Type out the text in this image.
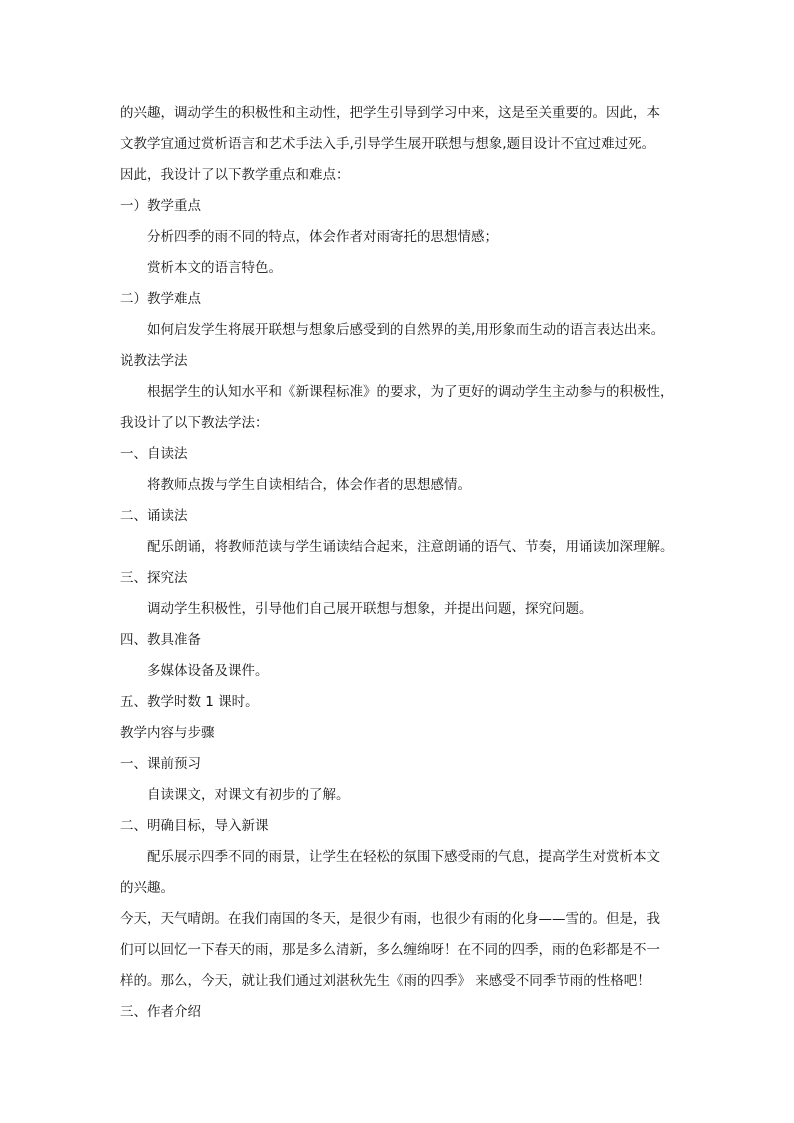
的兴趣，调动学生的积极性和主动性，把学生引导到学习中来，这是至关重要的。因此，本
文教学宜通过赏析语言和艺术手法入手,引导学生展开联想与想象,题目设计不宜过难过死。
因此，我设计了以下教学重点和难点：
一）教学重点
分析四季的雨不同的特点，体会作者对雨寄托的思想情感；
赏析本文的语言特色。
二）教学难点
如何启发学生将展开联想与想象后感受到的自然界的美,用形象而生动的语言表达出来。
说教法学法
根据学生的认知水平和《新课程标准》的要求，为了更好的调动学生主动参与的积极性，
我设计了以下教法学法：
一、自读法
将教师点拨与学生自读相结合，体会作者的思想感情。
二、诵读法
配乐朗诵，将教师范读与学生诵读结合起来，注意朗诵的语气、节奏，用诵读加深理解。
三、探究法
调动学生积极性，引导他们自己展开联想与想象，并提出问题，探究问题。
四、教具准备
多媒体设备及课件。
五、教学时数 1 课时。
教学内容与步骤
一、课前预习
自读课文，对课文有初步的了解。
二、明确目标，导入新课
配乐展示四季不同的雨景，让学生在轻松的氛围下感受雨的气息，提高学生对赏析本文
的兴趣。
今天，天气晴朗。在我们南国的冬天，是很少有雨，也很少有雨的化身——雪的。但是，我
们可以回忆一下春天的雨，那是多么清新，多么缠绵呀！在不同的四季，雨的色彩都是不一
样的。那么，今天，就让我们通过刘湛秋先生《雨的四季》 来感受不同季节雨的性格吧！
三、作者介绍
